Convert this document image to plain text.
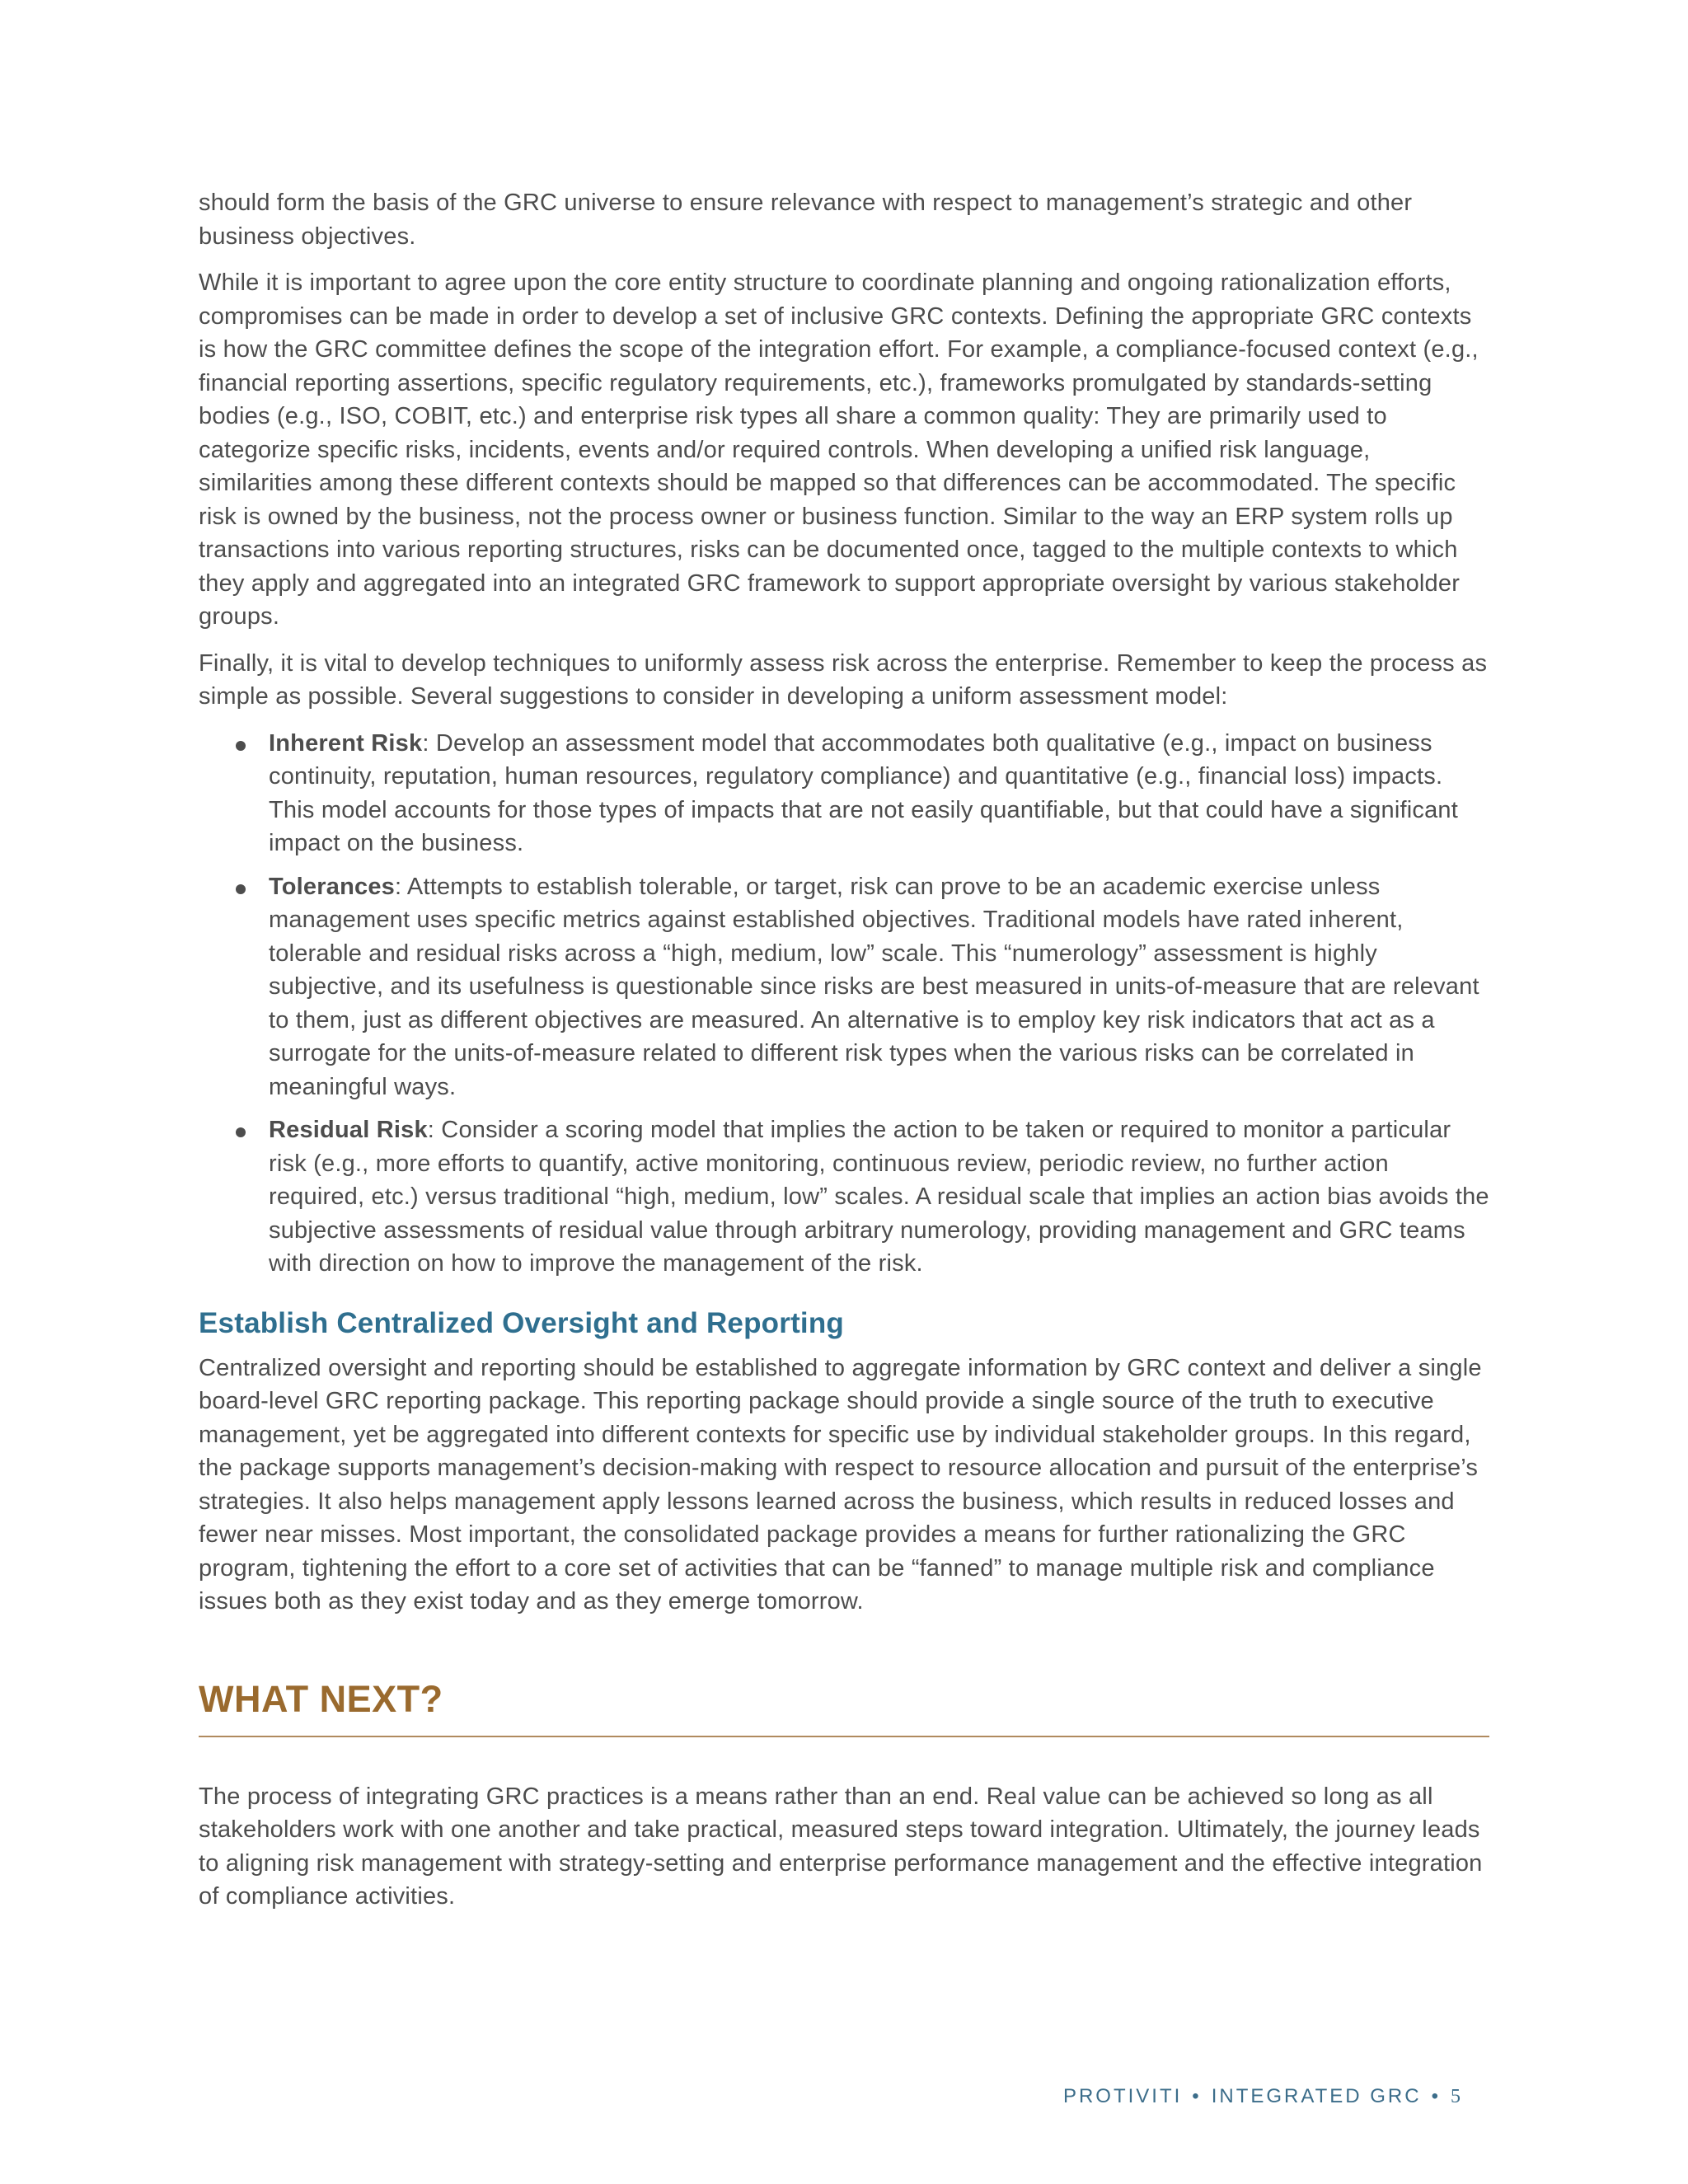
should form the basis of the GRC universe to ensure relevance with respect to management’s strategic and other business objectives.

While it is important to agree upon the core entity structure to coordinate planning and ongoing rationalization efforts, compromises can be made in order to develop a set of inclusive GRC contexts. Defining the appropriate GRC contexts is how the GRC committee defines the scope of the integration effort. For example, a compliance-focused context (e.g., financial reporting assertions, specific regulatory requirements, etc.), frameworks promulgated by standards-setting bodies (e.g., ISO, COBIT, etc.) and enterprise risk types all share a common quality: They are primarily used to categorize specific risks, incidents, events and/or required controls. When developing a unified risk language, similarities among these different contexts should be mapped so that differences can be accommodated. The specific risk is owned by the business, not the process owner or business function. Similar to the way an ERP system rolls up transactions into various reporting structures, risks can be documented once, tagged to the multiple contexts to which they apply and aggregated into an integrated GRC framework to support appropriate oversight by various stakeholder groups.

Finally, it is vital to develop techniques to uniformly assess risk across the enterprise. Remember to keep the process as simple as possible. Several suggestions to consider in developing a uniform assessment model:

Inherent Risk: Develop an assessment model that accommodates both qualitative (e.g., impact on business continuity, reputation, human resources, regulatory compliance) and quantitative (e.g., financial loss) impacts. This model accounts for those types of impacts that are not easily quantifiable, but that could have a significant impact on the business.

Tolerances: Attempts to establish tolerable, or target, risk can prove to be an academic exercise unless management uses specific metrics against established objectives. Traditional models have rated inherent, tolerable and residual risks across a “high, medium, low” scale. This “numerology” assessment is highly subjective, and its usefulness is questionable since risks are best measured in units-of-measure that are relevant to them, just as different objectives are measured. An alternative is to employ key risk indicators that act as a surrogate for the units-of-measure related to different risk types when the various risks can be correlated in meaningful ways.

Residual Risk: Consider a scoring model that implies the action to be taken or required to monitor a particular risk (e.g., more efforts to quantify, active monitoring, continuous review, periodic review, no further action required, etc.) versus traditional “high, medium, low” scales. A residual scale that implies an action bias avoids the subjective assessments of residual value through arbitrary numerology, providing management and GRC teams with direction on how to improve the management of the risk.

Establish Centralized Oversight and Reporting

Centralized oversight and reporting should be established to aggregate information by GRC context and deliver a single board-level GRC reporting package. This reporting package should provide a single source of the truth to executive management, yet be aggregated into different contexts for specific use by individual stakeholder groups. In this regard, the package supports management’s decision-making with respect to resource allocation and pursuit of the enterprise’s strategies. It also helps management apply lessons learned across the business, which results in reduced losses and fewer near misses. Most important, the consolidated package provides a means for further rationalizing the GRC program, tightening the effort to a core set of activities that can be “fanned” to manage multiple risk and compliance issues both as they exist today and as they emerge tomorrow.

WHAT NEXT?

The process of integrating GRC practices is a means rather than an end. Real value can be achieved so long as all stakeholders work with one another and take practical, measured steps toward integration. Ultimately, the journey leads to aligning risk management with strategy-setting and enterprise performance management and the effective integration of compliance activities.

PROTIVITI • INTEGRATED GRC • 5
